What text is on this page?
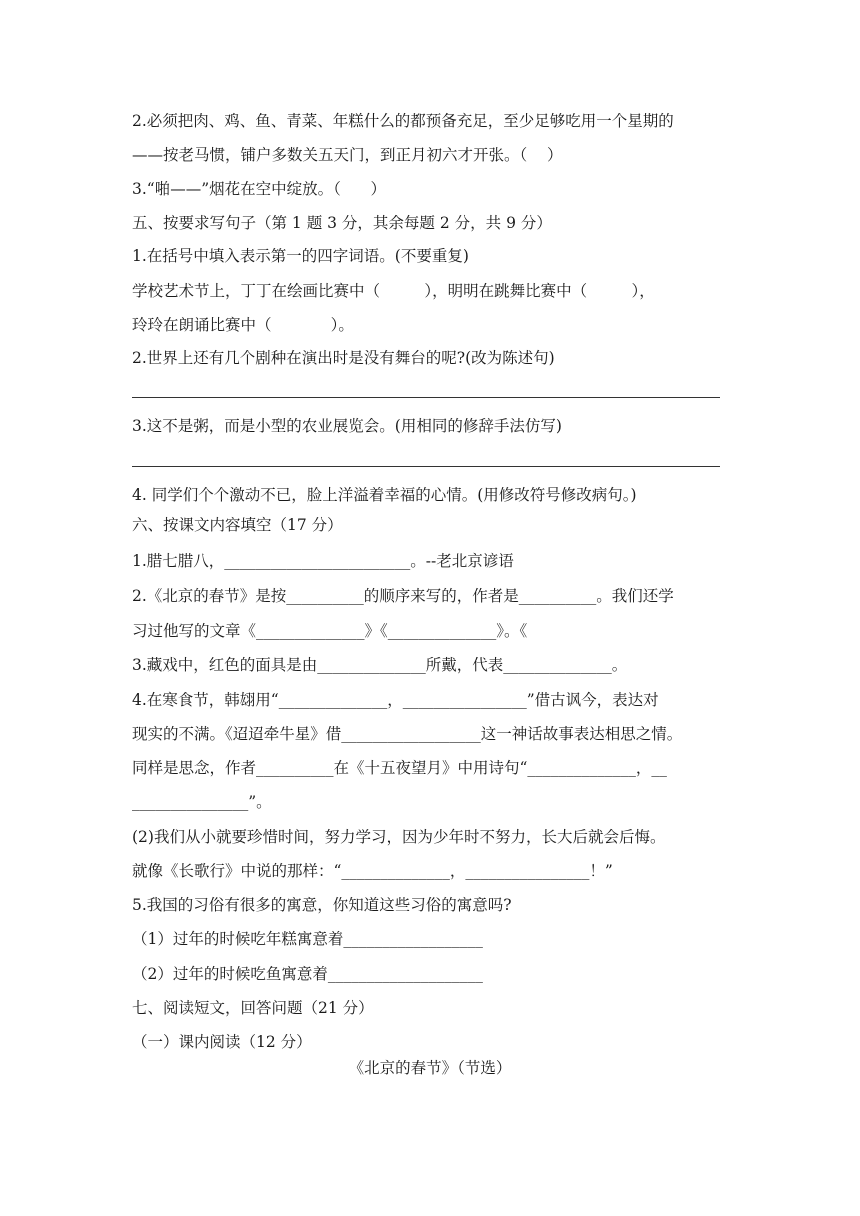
2.必须把肉、鸡、鱼、青菜、年糕什么的都预备充足，至少足够吃用一个星期的
——按老马惯，铺户多数关五天门，到正月初六才开张。（    ）
3.“啪——”烟花在空中绽放。（      ）
五、按要求写句子（第 1 题 3 分，其余每题 2 分，共 9 分）
1.在括号中填入表示第一的四字词语。(不要重复)
学校艺术节上，丁丁在绘画比赛中（         ），明明在跳舞比赛中（         ），
玲玲在朗诵比赛中（            ）。
2.世界上还有几个剧种在演出时是没有舞台的呢?(改为陈述句)
3.这不是粥，而是小型的农业展览会。(用相同的修辞手法仿写)
4. 同学们个个激动不已，脸上洋溢着幸福的心情。(用修改符号修改病句。)
六、按课文内容填空（17 分）
1.腊七腊八，________________________。--老北京谚语
2.《北京的春节》是按__________的顺序来写的，作者是__________。我们还学
习过他写的文章《______________》《______________》。《
3.藏戏中，红色的面具是由______________所戴，代表______________。
4.在寒食节，韩翃用“______________，________________”借古讽今，表达对
现实的不满。《迢迢牵牛星》借__________________这一神话故事表达相思之情。
同样是思念，作者__________在《十五夜望月》中用诗句“______________，__
_______________”。
(2)我们从小就要珍惜时间，努力学习，因为少年时不努力，长大后就会后悔。
就像《长歌行》中说的那样：“______________，________________！”
5.我国的习俗有很多的寓意，你知道这些习俗的寓意吗?
（1）过年的时候吃年糕寓意着__________________
（2）过年的时候吃鱼寓意着____________________
七、阅读短文，回答问题（21 分）
（一）课内阅读（12 分）
《北京的春节》（节选）
